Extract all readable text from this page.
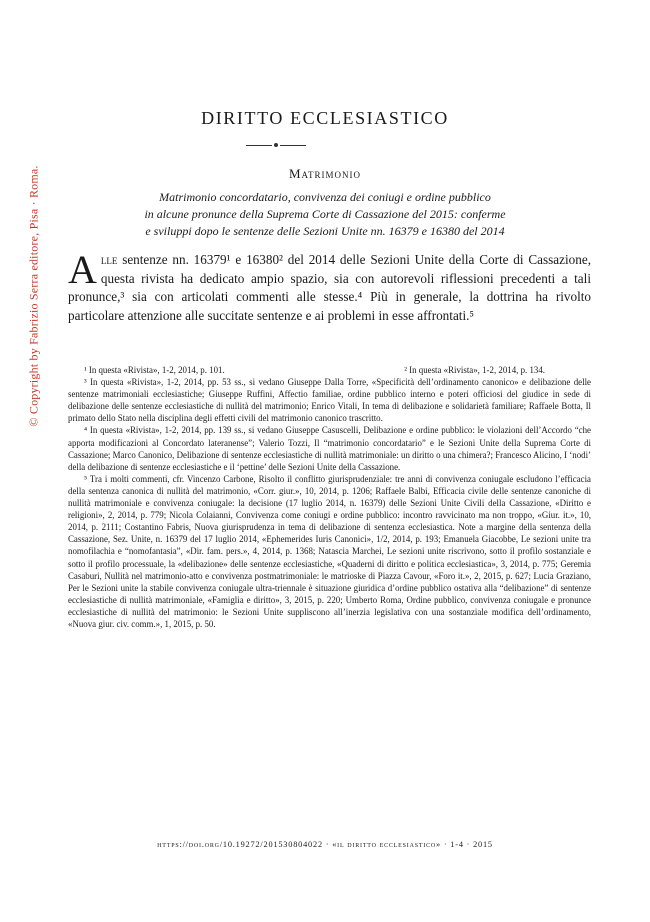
© Copyright by Fabrizio Serra editore, Pisa · Roma.
DIRITTO ECCLESIASTICO
Matrimonio
Matrimonio concordatario, convivenza dei coniugi e ordine pubblico
in alcune pronunce della Suprema Corte di Cassazione del 2015: conferme
e sviluppi dopo le sentenze delle Sezioni Unite nn. 16379 e 16380 del 2014
Alle sentenze nn. 16379¹ e 16380² del 2014 delle Sezioni Unite della Corte di Cassazione, questa rivista ha dedicato ampio spazio, sia con autorevoli riflessioni precedenti a tali pronunce,³ sia con articolati commenti alle stesse.⁴ Più in generale, la dottrina ha rivolto particolare attenzione alle succitate sentenze e ai problemi in esse affrontati.⁵
¹ In questa «Rivista», 1-2, 2014, p. 101.	² In questa «Rivista», 1-2, 2014, p. 134.

³ In questa «Rivista», 1-2, 2014, pp. 53 ss., si vedano Giuseppe Dalla Torre, «Specificità dell’ordinamento canonico» e delibazione delle sentenze matrimoniali ecclesiastiche; Giuseppe Ruffini, Affectio familiae, ordine pubblico interno e poteri officiosi del giudice in sede di delibazione delle sentenze ecclesiastiche di nullità del matrimonio; Enrico Vitali, In tema di delibazione e solidarietà familiare; Raffaele Botta, Il primato dello Stato nella disciplina degli effetti civili del matrimonio canonico trascritto.

⁴ In questa «Rivista», 1-2, 2014, pp. 139 ss., si vedano Giuseppe Casuscelli, Delibazione e ordine pubblico: le violazioni dell’Accordo “che apporta modificazioni al Concordato lateranense”; Valerio Tozzi, Il “matrimonio concordatario” e le Sezioni Unite della Suprema Corte di Cassazione; Marco Canonico, Delibazione di sentenze ecclesiastiche di nullità matrimoniale: un diritto o una chimera?; Francesco Alicino, I ‘nodi’ della delibazione di sentenze ecclesiastiche e il ‘pettine’ delle Sezioni Unite della Cassazione.

⁵ Tra i molti commenti, cfr. Vincenzo Carbone, Risolto il conflitto giurisprudenziale: tre anni di convivenza coniugale escludono l’efficacia della sentenza canonica di nullità del matrimonio, «Corr. giur.», 10, 2014, p. 1206; Raffaele Balbi, Efficacia civile delle sentenze canoniche di nullità matrimoniale e convivenza coniugale: la decisione (17 luglio 2014, n. 16379) delle Sezioni Unite Civili della Cassazione, «Diritto e religioni», 2, 2014, p. 779; Nicola Colaianni, Convivenza come coniugi e ordine pubblico: incontro ravvicinato ma non troppo, «Giur. it.», 10, 2014, p. 2111; Costantino Fabris, Nuova giurisprudenza in tema di delibazione di sentenza ecclesiastica. Note a margine della sentenza della Cassazione, Sez. Unite, n. 16379 del 17 luglio 2014, «Ephemerides Iuris Canonici», 1/2, 2014, p. 193; Emanuela Giacobbe, Le sezioni unite tra nomofilachia e “nomofantasia”, «Dir. fam. pers.», 4, 2014, p. 1368; Natascia Marchei, Le sezioni unite riscrivono, sotto il profilo sostanziale e sotto il profilo processuale, la «delibazione» delle sentenze ecclesiastiche, «Quaderni di diritto e politica ecclesiastica», 3, 2014, p. 775; Geremia Casaburi, Nullità nel matrimonio-atto e convivenza postmatrimoniale: le matrioske di Piazza Cavour, «Foro it.», 2, 2015, p. 627; Lucia Graziano, Per le Sezioni unite la stabile convivenza coniugale ultra-triennale è situazione giuridica d’ordine pubblico ostativa alla “delibazione” di sentenze ecclesiastiche di nullità matrimoniale, «Famiglia e diritto», 3, 2015, p. 220; Umberto Roma, Ordine pubblico, convivenza coniugale e pronunce ecclesiastiche di nullità del matrimonio: le Sezioni Unite suppliscono all’inerzia legislativa con una sostanziale modifica dell’ordinamento, «Nuova giur. civ. comm.», 1, 2015, p. 50.

https://doi.org/10.19272/201530804022 · «il diritto ecclesiastico» · 1-4 · 2015
